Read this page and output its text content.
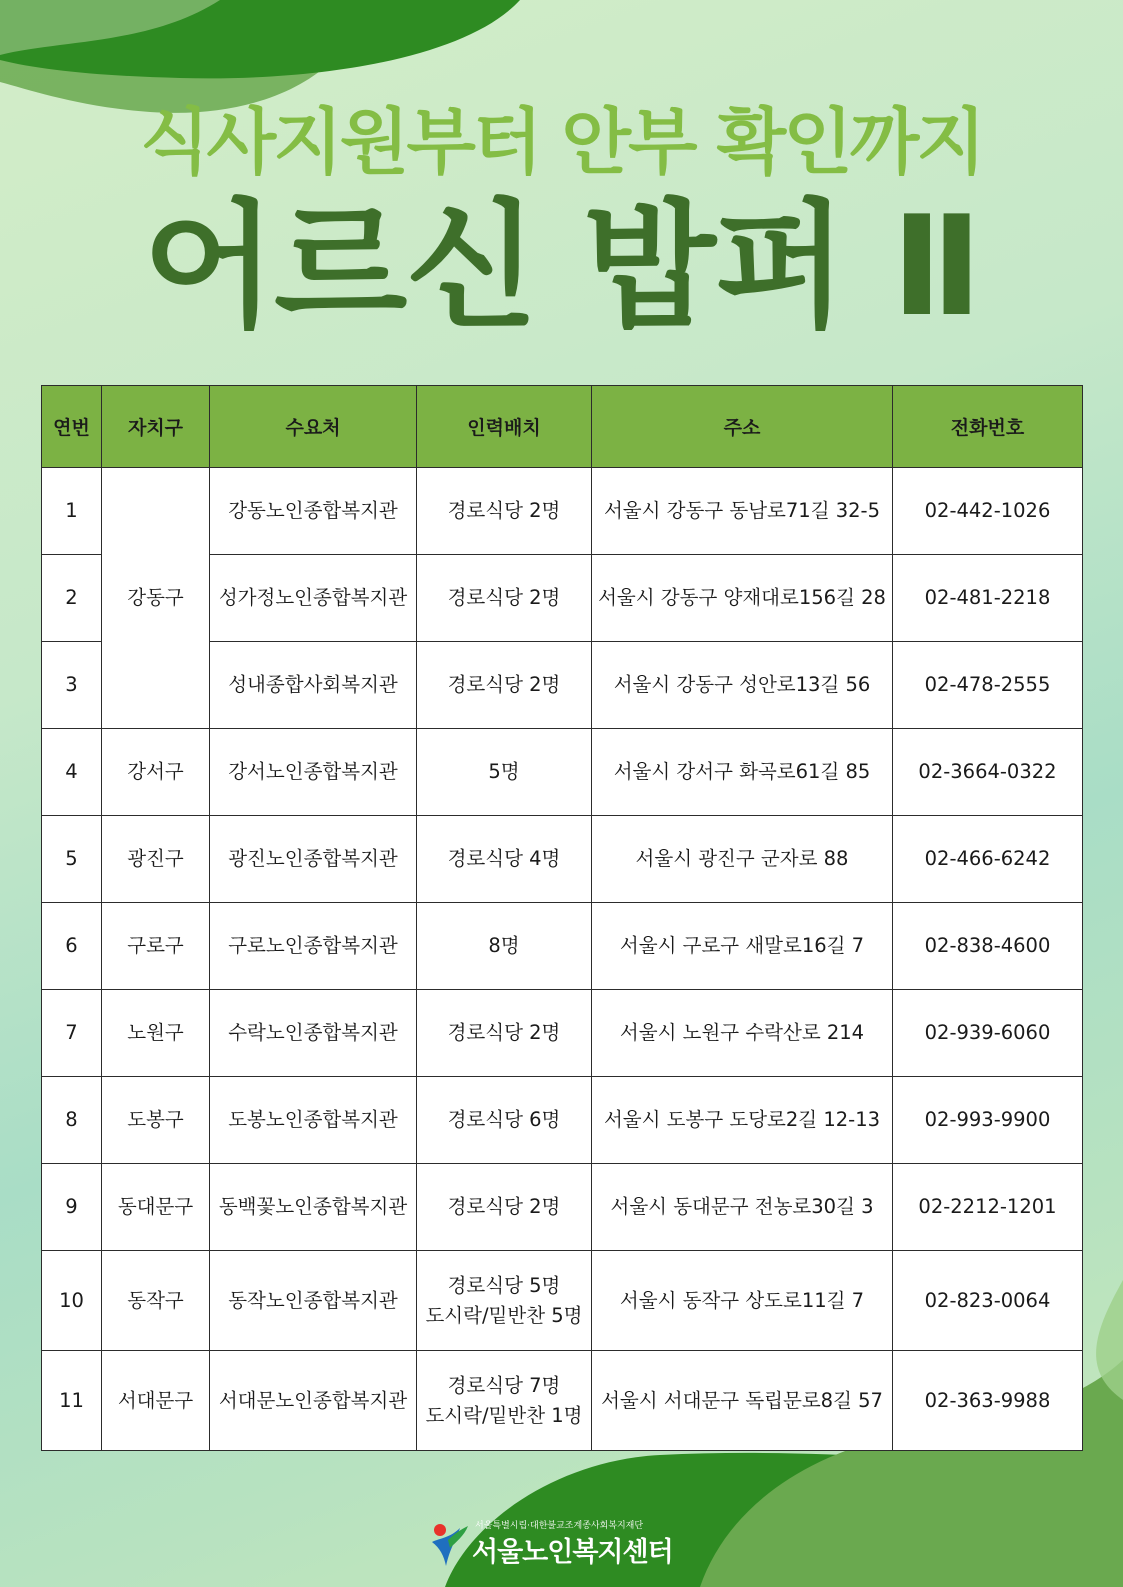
식사지원부터 안부 확인까지
어르신 밥퍼 Ⅱ
연번	자치구	수요처	인력배치	주소	전화번호
1	강동구	강동노인종합복지관	경로식당 2명	서울시 강동구 동남로71길 32-5	02-442-1026
2		성가정노인종합복지관	경로식당 2명	서울시 강동구 양재대로156길 28	02-481-2218
3		성내종합사회복지관	경로식당 2명	서울시 강동구 성안로13길 56	02-478-2555
4	강서구	강서노인종합복지관	5명	서울시 강서구 화곡로61길 85	02-3664-0322
5	광진구	광진노인종합복지관	경로식당 4명	서울시 광진구 군자로 88	02-466-6242
6	구로구	구로노인종합복지관	8명	서울시 구로구 새말로16길 7	02-838-4600
7	노원구	수락노인종합복지관	경로식당 2명	서울시 노원구 수락산로 214	02-939-6060
8	도봉구	도봉노인종합복지관	경로식당 6명	서울시 도봉구 도당로2길 12-13	02-993-9900
9	동대문구	동백꽃노인종합복지관	경로식당 2명	서울시 동대문구 전농로30길 3	02-2212-1201
10	동작구	동작노인종합복지관	경로식당 5명
도시락/밑반찬 5명	서울시 동작구 상도로11길 7	02-823-0064
11	서대문구	서대문노인종합복지관	경로식당 7명
도시락/밑반찬 1명	서울시 서대문구 독립문로8길 57	02-363-9988
서울특별시립·대한불교조계종사회복지재단
서울노인복지센터
